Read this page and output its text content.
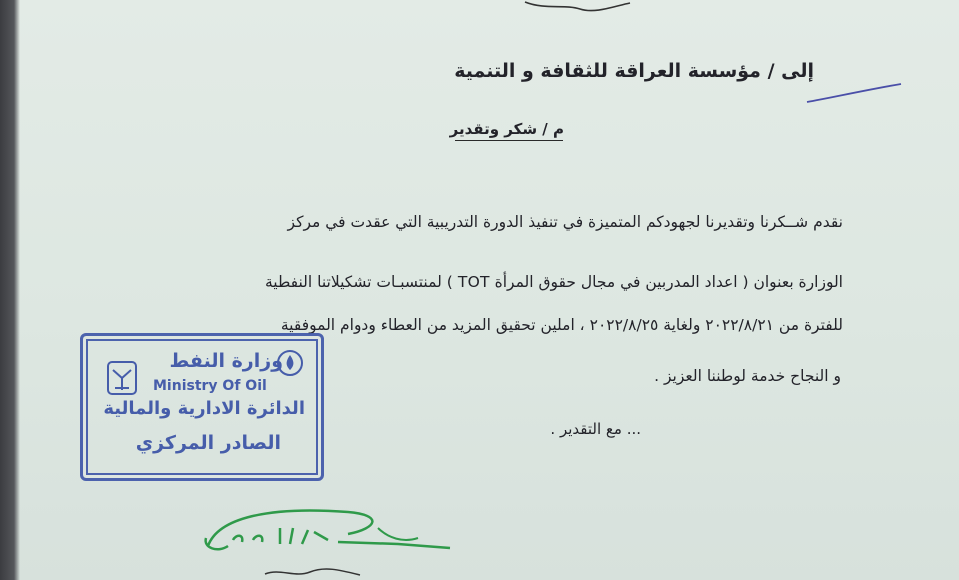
إلى / مؤسسة العراقة للثقافة و التنمية
م / شكر وتقدير
نقدم شــكرنا وتقديرنا لجهودكم المتميزة في تنفيذ الدورة التدريبية التي عقدت في مركز
الوزارة بعنوان ( اعداد المدربين في مجال حقوق المرأة TOT ) لمنتسبـات تشكيلاتنا النفطية
للفترة من ٢٠٢٢/٨/٢١ ولغاية ٢٠٢٢/٨/٢٥ ، املين تحقيق المزيد من العطاء ودوام الموفقية
و النجاح خدمة لوطننا العزيز .
... مع التقدير .
وزارة النفط
Ministry Of Oil
الدائرة الادارية والمالية
الصادر المركزي
